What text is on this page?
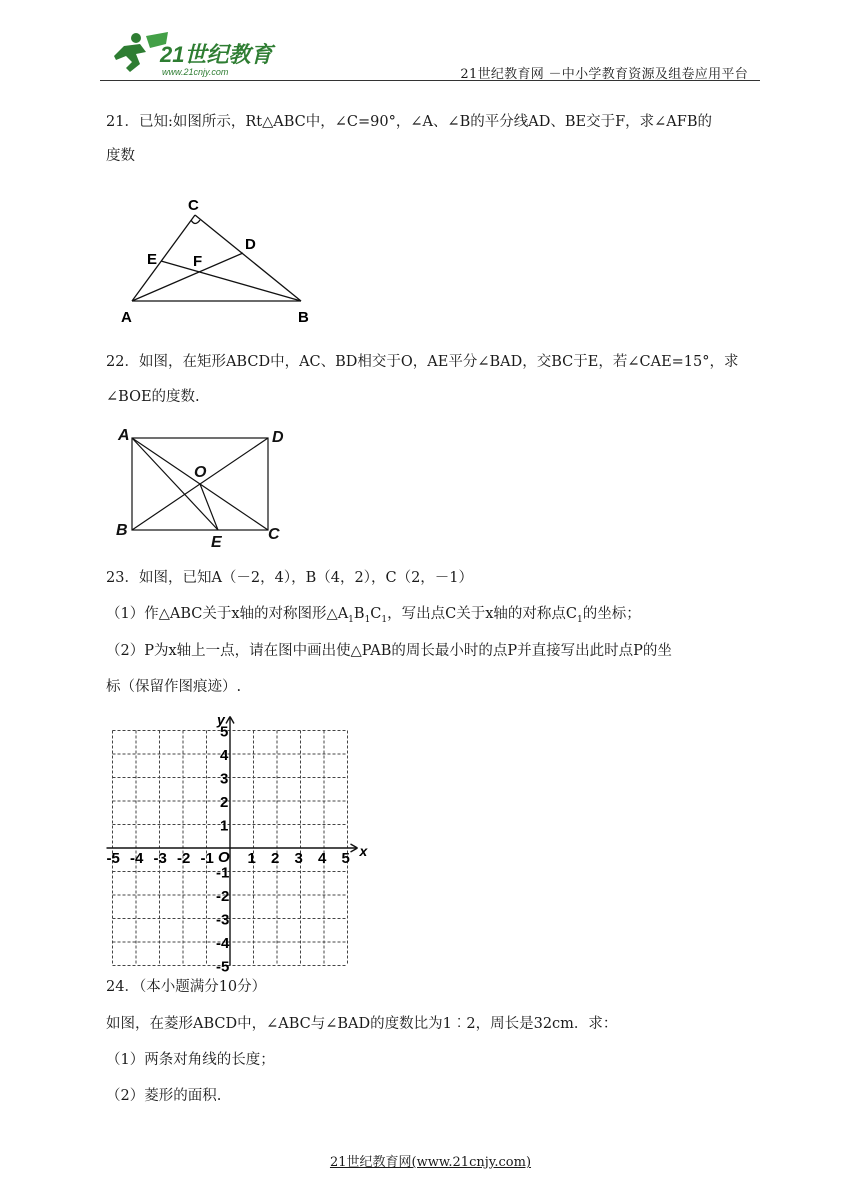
21世纪教育
www.21cnjy.com	21世纪教育网 －中小学教育资源及组卷应用平台
21．已知:如图所示，Rt△ABC中，∠C=90°，∠A、∠B的平分线AD、BE交于F，求∠AFB的
度数
C
D
E F
A	B
22．如图，在矩形ABCD中，AC、BD相交于O，AE平分∠BAD，交BC于E，若∠CAE=15°，求
∠BOE的度数.
A	D
O
B
E	C
23．如图，已知A（－2，4），B（4，2），C（2，－1）
（1）作△ABC关于x轴的对称图形$\triangle A_1B_1C_1$，写出点C关于x轴的对称点$C_1$的坐标；
（2）P为x轴上一点，请在图中画出使△PAB的周长最小时的点P并直接写出此时点P的坐
标（保留作图痕迹）.
x
y
O
-5 -4 -3 -2 -1 1 2 3 4 5
5
4
3
2
1
-1
-2
-3
-4
-5
24．（本小题满分10分）
如图，在菱形ABCD中，∠ABC与∠BAD的度数比为1︰2，周长是32cm．求：
（1）两条对角线的长度；
（2）菱形的面积.
21世纪教育网(www.21cnjy.com)
